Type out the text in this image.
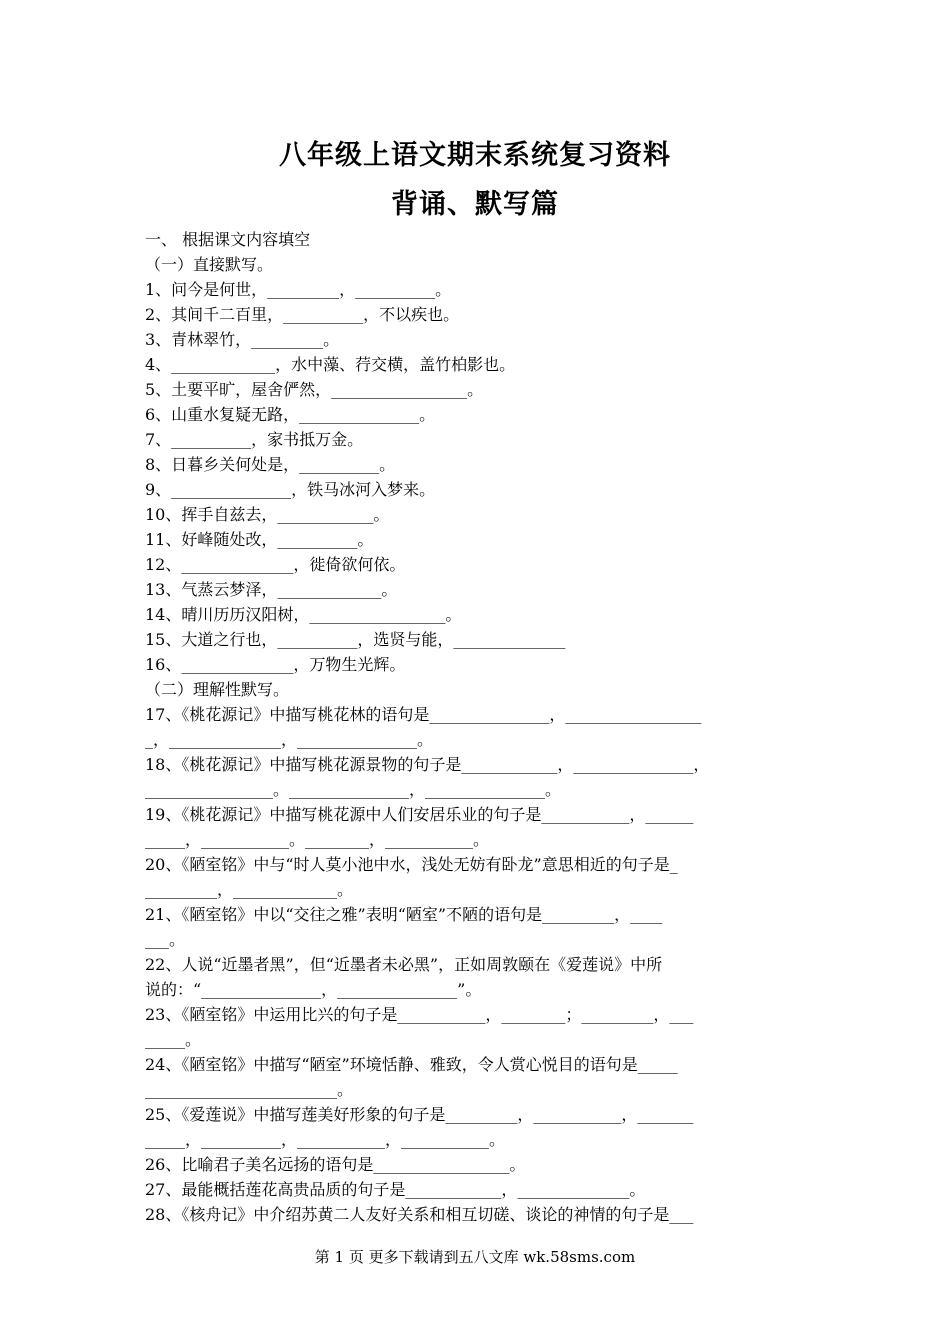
八年级上语文期末系统复习资料
背诵、默写篇
一、 根据课文内容填空
（一）直接默写。
1、问今是何世，_________，__________。
2、其间千二百里，__________，不以疾也。
3、青林翠竹，_________。
4、_____________，水中藻、荇交横，盖竹柏影也。
5、土要平旷，屋舍俨然，_________________。
6、山重水复疑无路，_______________。
7、__________，家书抵万金。
8、日暮乡关何处是，__________。
9、_______________，铁马冰河入梦来。
10、挥手自兹去，____________。
11、好峰随处改，__________。
12、______________，徙倚欲何依。
13、气蒸云梦泽，_____________。
14、晴川历历汉阳树，_________________。
15、大道之行也，__________，选贤与能，______________
16、______________，万物生光辉。
（二）理解性默写。
17、《桃花源记》中描写桃花林的语句是_______________，_________________
_，______________，_______________。
18、《桃花源记》中描写桃花源景物的句子是____________，_______________，
________________。_______________，_______________。
19、《桃花源记》中描写桃花源中人们安居乐业的句子是___________，______
_____，___________。________，___________。
20、《陋室铭》中与“时人莫小池中水，浅处无妨有卧龙”意思相近的句子是_
_________，_____________。
21、《陋室铭》中以“交往之雅”表明“陋室”不陋的语句是_________，____
___。
22、人说“近墨者黑”，但“近墨者未必黑”，正如周敦颐在《爱莲说》中所
说的：“_______________，_______________”。
23、《陋室铭》中运用比兴的句子是___________，________；_________，___
_____。
24、《陋室铭》中描写“陋室”环境恬静、雅致，令人赏心悦目的语句是_____
________________________。
25、《爱莲说》中描写莲美好形象的句子是_________，___________，_______
_____，__________，___________，___________。
26、比喻君子美名远扬的语句是_________________。
27、最能概括莲花高贵品质的句子是____________，______________。
28、《核舟记》中介绍苏黄二人友好关系和相互切磋、谈论的神情的句子是___
第 1 页 更多下载请到五八文库 wk.58sms.com
